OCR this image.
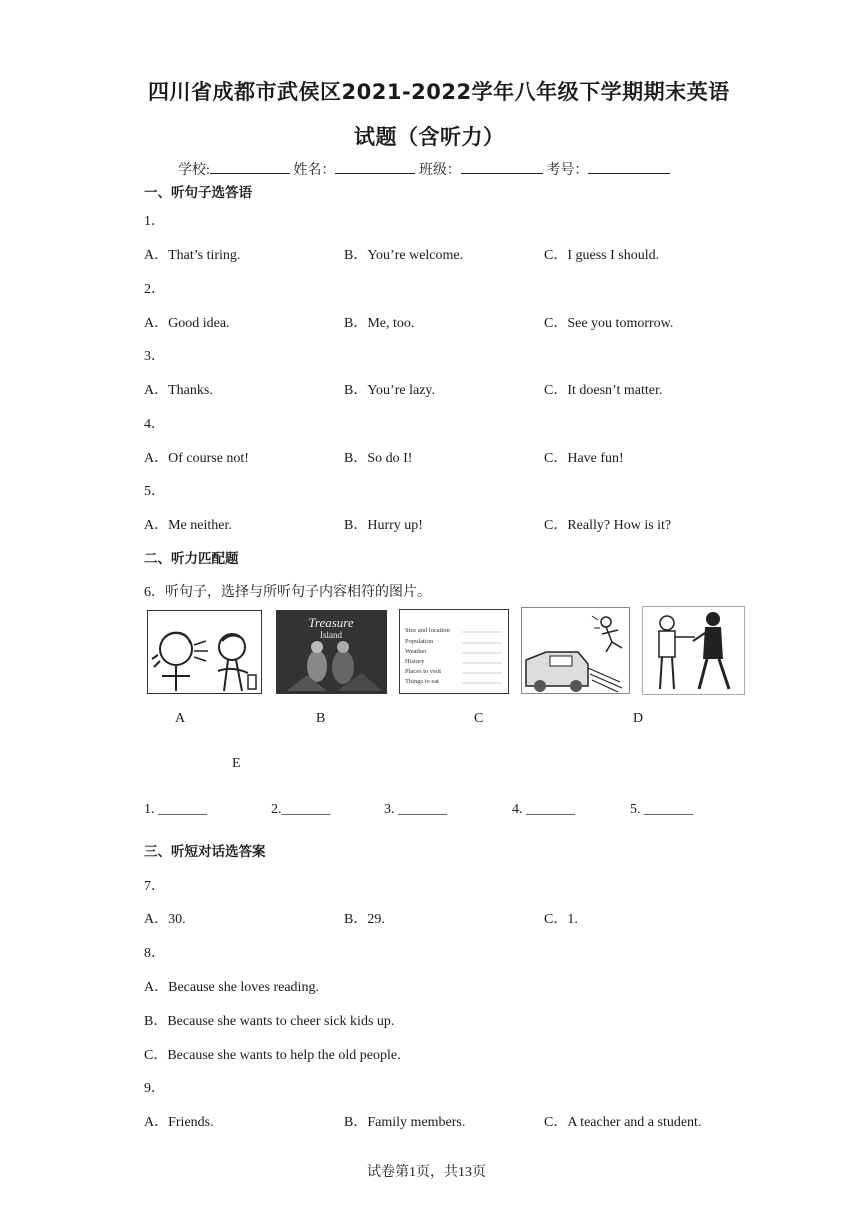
四川省成都市武侯区2021-2022学年八年级下学期期末英语
试题（含听力）
学校:	姓名：	班级：	考号：
一、听句子选答语
1．
A．That’s tiring.	B．You’re welcome.	C．I guess I should.
2．
A．Good idea.	B．Me, too.	C．See you tomorrow.
3．
A．Thanks.	B．You’re lazy.	C．It doesn’t matter.
4．
A．Of course not!	B．So do I!	C．Have fun!
5．
A．Me neither.	B．Hurry up!	C．Really? How is it?
二、听力匹配题
6．听句子，选择与所听句子内容相符的图片。
Treasure
Island	Size and location
Population
Weather
History
Places to visit
Things to eat
A	B	C	D
E
1. _______	2._______	3. _______	4. _______	5. _______
三、听短对话选答案
7．
A．30.	B．29.	C．1.
8．
A．Because she loves reading.
B．Because she wants to cheer sick kids up.
C．Because she wants to help the old people.
9．
A．Friends.	B．Family members.	C．A teacher and a student.
试卷第1页，共13页
